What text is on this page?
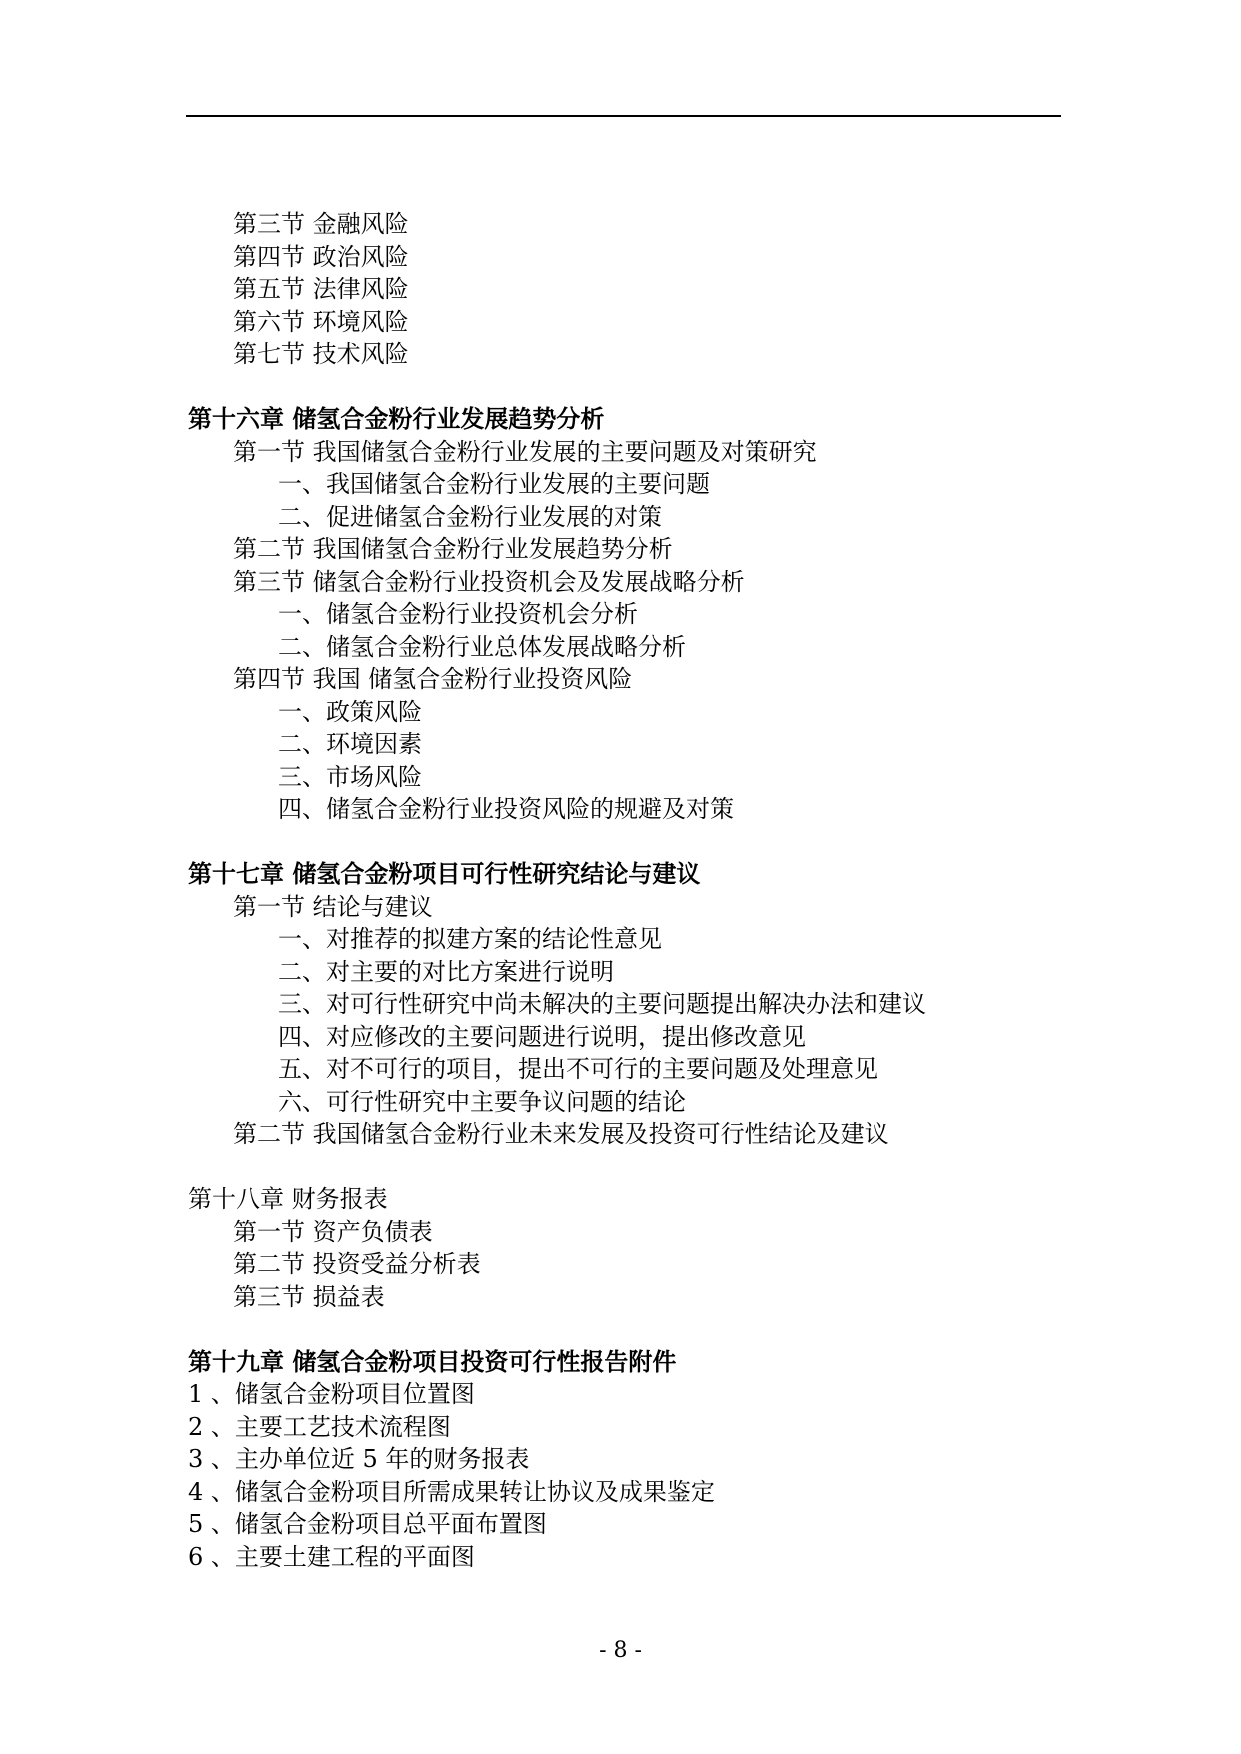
第三节 金融风险
第四节 政治风险
第五节 法律风险
第六节 环境风险
第七节 技术风险
第十六章 储氢合金粉行业发展趋势分析
第一节 我国储氢合金粉行业发展的主要问题及对策研究
一、我国储氢合金粉行业发展的主要问题
二、促进储氢合金粉行业发展的对策
第二节 我国储氢合金粉行业发展趋势分析
第三节 储氢合金粉行业投资机会及发展战略分析
一、储氢合金粉行业投资机会分析
二、储氢合金粉行业总体发展战略分析
第四节 我国 储氢合金粉行业投资风险
一、政策风险
二、环境因素
三、市场风险
四、储氢合金粉行业投资风险的规避及对策
第十七章 储氢合金粉项目可行性研究结论与建议
第一节 结论与建议
一、对推荐的拟建方案的结论性意见
二、对主要的对比方案进行说明
三、对可行性研究中尚未解决的主要问题提出解决办法和建议
四、对应修改的主要问题进行说明，提出修改意见
五、对不可行的项目，提出不可行的主要问题及处理意见
六、可行性研究中主要争议问题的结论
第二节 我国储氢合金粉行业未来发展及投资可行性结论及建议
第十八章 财务报表
第一节 资产负债表
第二节 投资受益分析表
第三节 损益表
第十九章 储氢合金粉项目投资可行性报告附件
1 、储氢合金粉项目位置图
2 、主要工艺技术流程图
3 、主办单位近 5 年的财务报表
4 、储氢合金粉项目所需成果转让协议及成果鉴定
5 、储氢合金粉项目总平面布置图
6 、主要土建工程的平面图
- 8 -
